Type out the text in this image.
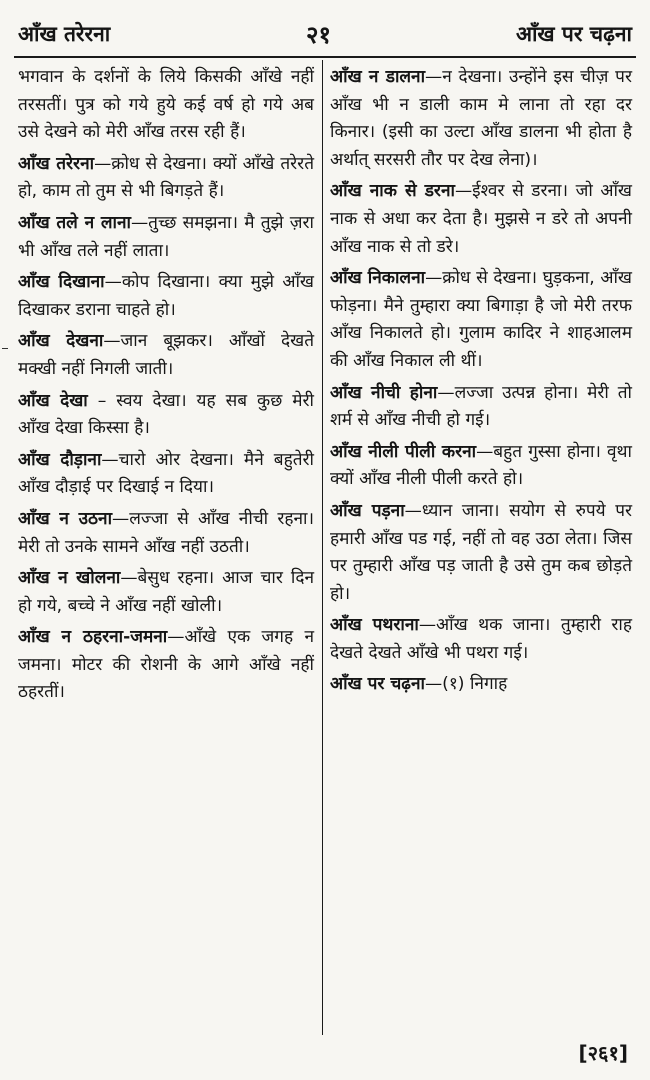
आँख तरेरना	२१	आँख पर चढ़ना

भगवान के दर्शनों के लिये किसकी आँखे नहीं तरसतीं। पुत्र को गये हुये कई वर्ष हो गये अब उसे देखने को मेरी आँख तरस रही हैं।

आँख तरेरना—क्रोध से देखना। क्यों आँखे तरेरते हो, काम तो तुम से भी बिगड़ते हैं।

आँख तले न लाना—तुच्छ समझना। मै तुझे ज़रा भी आँख तले नहीं लाता।

आँख दिखाना—कोप दिखाना। क्या मुझे आँख दिखाकर डराना चाहते हो।

आँख देखना—जान बूझकर। आँखों देखते मक्खी नहीं निगली जाती।

आँख देखा – स्वय देखा। यह सब कुछ मेरी आँख देखा किस्सा है।

आँख दौड़ाना—चारो ओर देखना। मैने बहुतेरी आँख दौड़ाई पर दिखाई न दिया।

आँख न उठना—लज्जा से आँख नीची रहना। मेरी तो उनके सामने आँख नहीं उठती।

आँख न खोलना—बेसुध रहना। आज चार दिन हो गये, बच्चे ने आँख नहीं खोली।

आँख न ठहरना-जमना—आँखे एक जगह न जमना। मोटर की रोशनी के आगे आँखे नहीं ठहरतीं।

आँख न डालना—न देखना। उन्होंने इस चीज़ पर आँख भी न डाली काम मे लाना तो रहा दर किनार। (इसी का उल्टा आँख डालना भी होता है अर्थात् सरसरी तौर पर देख लेना)।

आँख नाक से डरना—ईश्वर से डरना। जो आँख नाक से अधा कर देता है। मुझसे न डरे तो अपनी आँख नाक से तो डरे।

आँख निकालना—क्रोध से देखना। घुड़कना, आँख फोड़ना। मैने तुम्हारा क्या बिगाड़ा है जो मेरी तरफ आँख निकालते हो। गुलाम कादिर ने शाहआलम की आँख निकाल ली थीं।

आँख नीची होना—लज्जा उत्पन्न होना। मेरी तो शर्म से आँख नीची हो गई।

आँख नीली पीली करना—बहुत गुस्सा होना। वृथा क्यों आँख नीली पीली करते हो।

आँख पड़ना—ध्यान जाना। सयोग से रुपये पर हमारी आँख पड गई, नहीं तो वह उठा लेता। जिस पर तुम्हारी आँख पड़ जाती है उसे तुम कब छोड़ते हो।

आँख पथराना—आँख थक जाना। तुम्हारी राह देखते देखते आँखे भी पथरा गई।

आँख पर चढ़ना—(१) निगाह

[२६१]
